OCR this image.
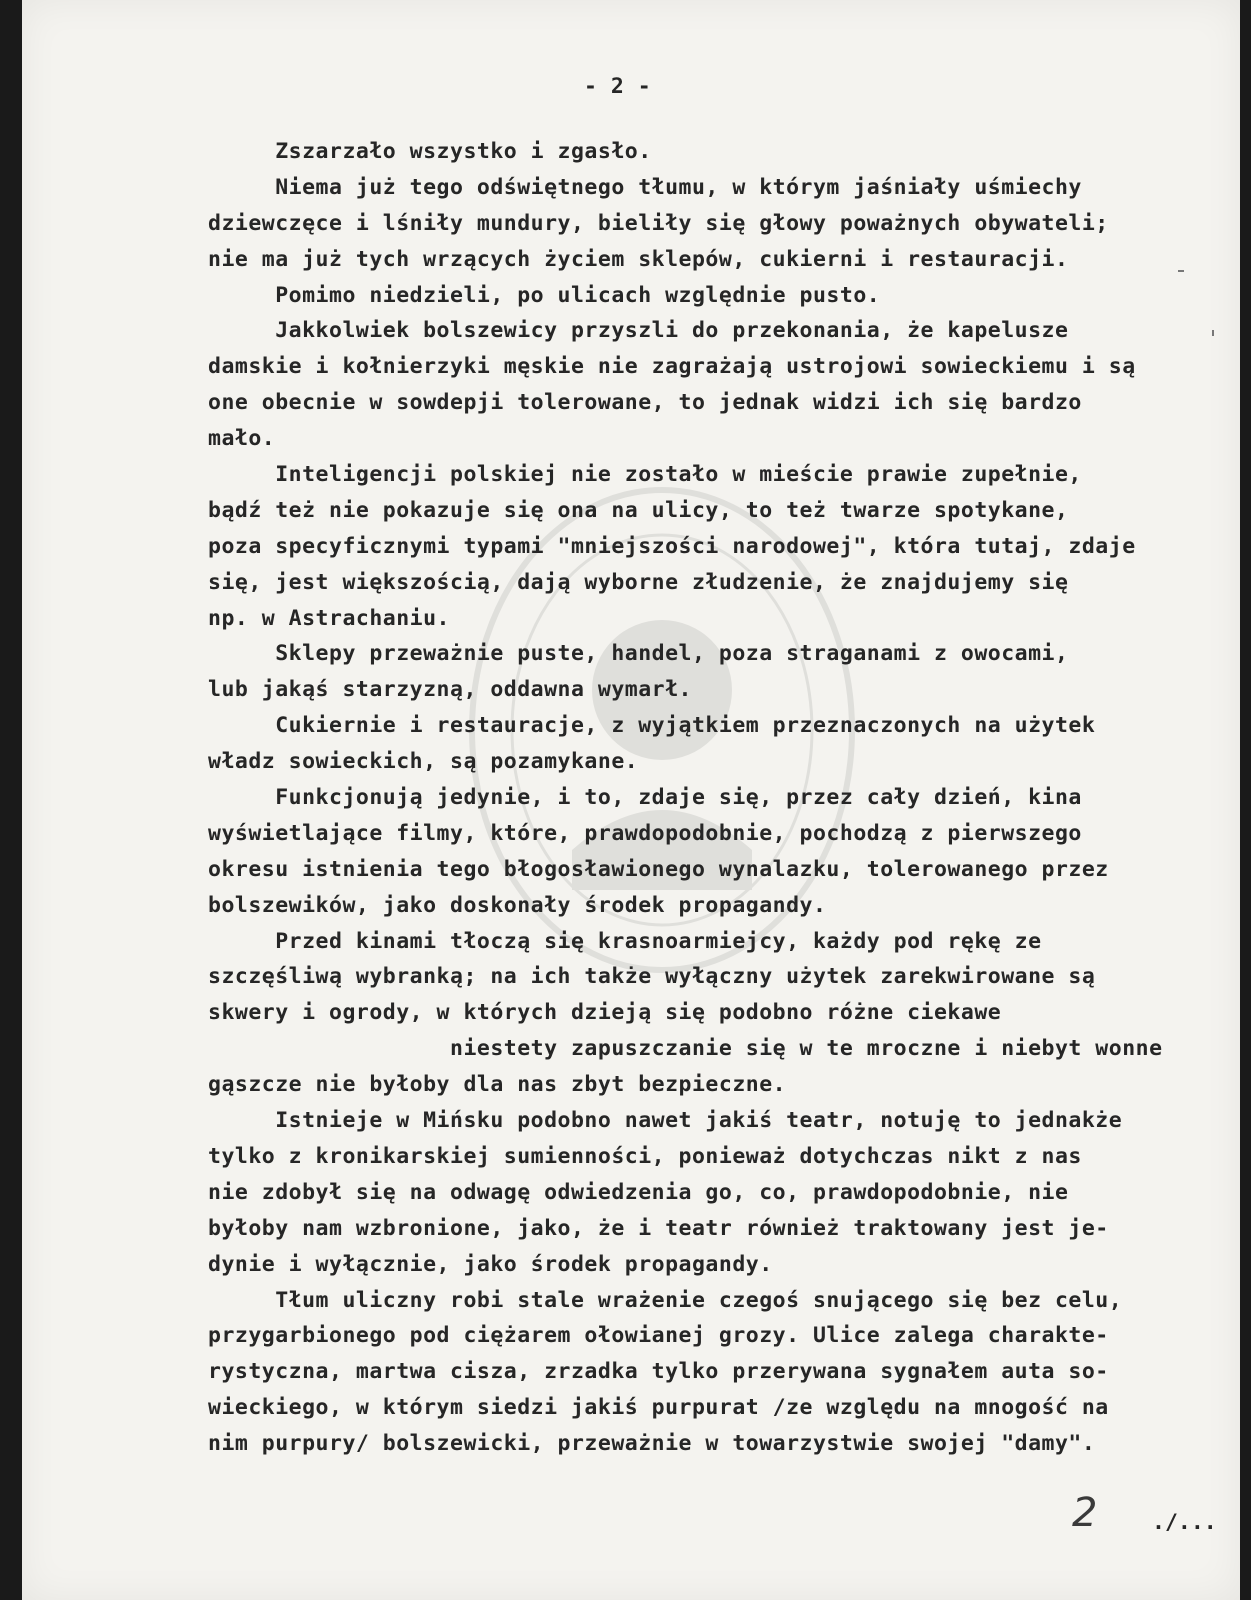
- 2 -
Zszarzało wszystko i zgasło.
Niema już tego odświętnego tłumu, w którym jaśniały uśmiechy
dziewczęce i lśniły mundury, bieliły się głowy poważnych obywateli;
nie ma już tych wrzących życiem sklepów, cukierni i restauracji.
Pomimo niedzieli, po ulicach względnie pusto.
Jakkolwiek bolszewicy przyszli do przekonania, że kapelusze
damskie i kołnierzyki męskie nie zagrażają ustrojowi sowieckiemu i są
one obecnie w sowdepji tolerowane, to jednak widzi ich się bardzo
mało.
Inteligencji polskiej nie zostało w mieście prawie zupełnie,
bądź też nie pokazuje się ona na ulicy, to też twarze spotykane,
poza specyficznymi typami "mniejszości narodowej", która tutaj, zdaje
się, jest większością, dają wyborne złudzenie, że znajdujemy się
np. w Astrachaniu.
Sklepy przeważnie puste, handel, poza straganami z owocami,
lub jakąś starzyzną, oddawna wymarł.
Cukiernie i restauracje, z wyjątkiem przeznaczonych na użytek
władz sowieckich, są pozamykane.
Funkcjonują jedynie, i to, zdaje się, przez cały dzień, kina
wyświetlające filmy, które, prawdopodobnie, pochodzą z pierwszego
okresu istnienia tego błogosławionego wynalazku, tolerowanego przez
bolszewików, jako doskonały środek propagandy.
Przed kinami tłoczą się krasnoarmiejcy, każdy pod rękę ze
szczęśliwą wybranką; na ich także wyłączny użytek zarekwirowane są
skwery i ogrody, w których dzieją się podobno różne ciekawe
niestety zapuszczanie się w te mroczne i niebyt wonne
gąszcze nie byłoby dla nas zbyt bezpieczne.
Istnieje w Mińsku podobno nawet jakiś teatr, notuję to jednakże
tylko z kronikarskiej sumienności, ponieważ dotychczas nikt z nas
nie zdobył się na odwagę odwiedzenia go, co, prawdopodobnie, nie
byłoby nam wzbronione, jako, że i teatr również traktowany jest je-
dynie i wyłącznie, jako środek propagandy.
Tłum uliczny robi stale wrażenie czegoś snującego się bez celu,
przygarbionego pod ciężarem ołowianej grozy. Ulice zalega charakte-
rystyczna, martwa cisza, zrzadka tylko przerywana sygnałem auta so-
wieckiego, w którym siedzi jakiś purpurat /ze względu na mnogość na
nim purpury/ bolszewicki, przeważnie w towarzystwie swojej "damy".
2	./...
